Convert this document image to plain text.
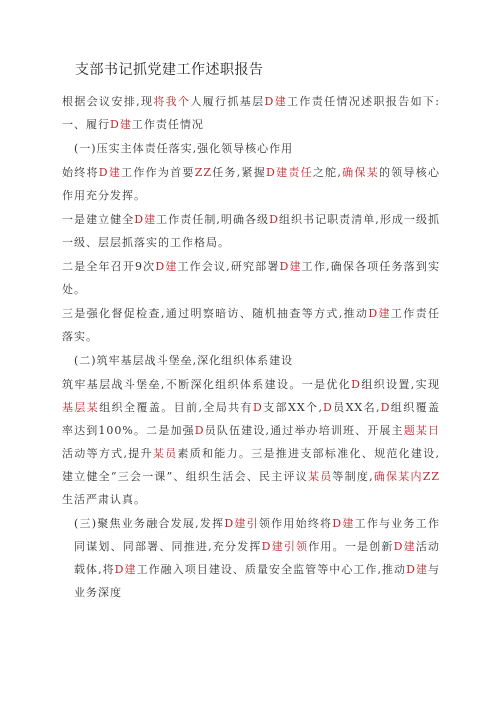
支部书记抓党建工作述职报告

根据会议安排,现将我个人履行抓基层D建工作责任情况述职报告如下:一、履行D建工作责任情况

(一)压实主体责任落实,强化领导核心作用

始终将D建工作作为首要ZZ任务,紧握D建责任之舵,确保某的领导核心作用充分发挥。

一是建立健全D建工作责任制,明确各级D组织书记职责清单,形成一级抓一级、层层抓落实的工作格局。

二是全年召开9次D建工作会议,研究部署D建工作,确保各项任务落到实处。

三是强化督促检查,通过明察暗访、随机抽查等方式,推动D建工作责任落实。

(二)筑牢基层战斗堡垒,深化组织体系建设

筑牢基层战斗堡垒,不断深化组织体系建设。一是优化D组织设置,实现基层某组织全覆盖。目前,全局共有D支部XX个,D员XX名,D组织覆盖率达到100%。二是加强D员队伍建设,通过举办培训班、开展主题某日活动等方式,提升某员素质和能力。三是推进支部标准化、规范化建设,建立健全“三会一课”、组织生活会、民主评议某员等制度,确保某内ZZ生活严肃认真。

(三)聚焦业务融合发展,发挥D建引领作用始终将D建工作与业务工作同谋划、同部署、同推进,充分发挥D建引领作用。一是创新D建活动载体,将D建工作融入项目建设、质量安全监管等中心工作,推动D建与业务深度
